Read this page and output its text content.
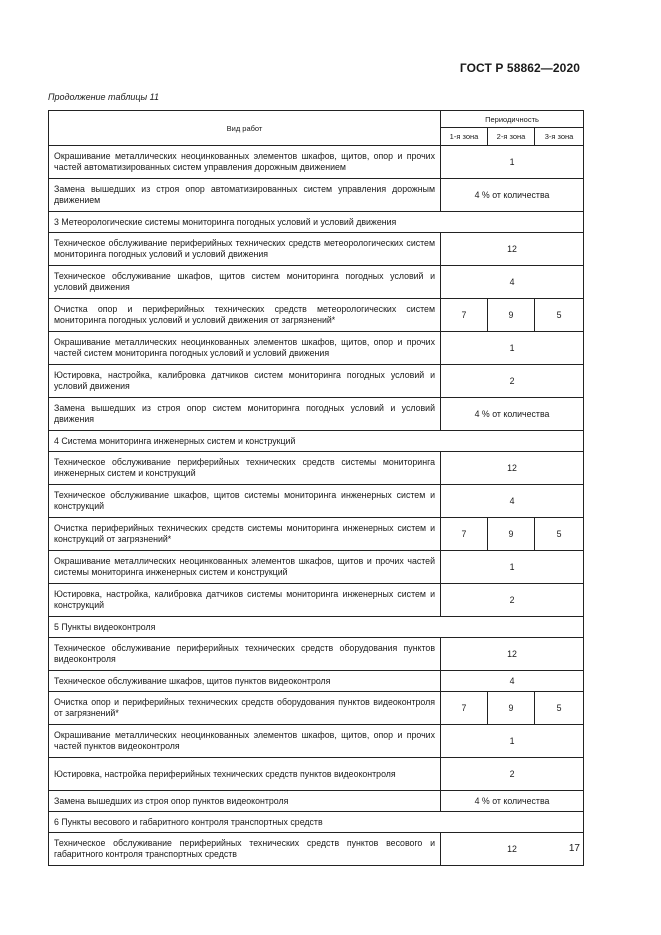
ГОСТ Р 58862—2020
Продолжение таблицы 11
Вид работ	Периодичность		
	1-я зона	2-я зона	3-я зона
Окрашивание металлических неоцинкованных элементов шкафов, щитов, опор и прочих частей автоматизированных систем управления дорожным движением	1		
Замена вышедших из строя опор автоматизированных систем управления дорожным движением	4 % от количества		
3 Метеорологические системы мониторинга погодных условий и условий движения			
Техническое обслуживание периферийных технических средств метеорологических систем мониторинга погодных условий и условий движения	12		
Техническое обслуживание шкафов, щитов систем мониторинга погодных условий и условий движения	4		
Очистка опор и периферийных технических средств метеорологических систем мониторинга погодных условий и условий движения от загрязнений*	7	9	5
Окрашивание металлических неоцинкованных элементов шкафов, щитов, опор и прочих частей систем мониторинга погодных условий и условий движения	1		
Юстировка, настройка, калибровка датчиков систем мониторинга погодных условий и условий движения	2		
Замена вышедших из строя опор систем мониторинга погодных условий и условий движения	4 % от количества		
4 Система мониторинга инженерных систем и конструкций			
Техническое обслуживание периферийных технических средств системы мониторинга инженерных систем и конструкций	12		
Техническое обслуживание шкафов, щитов системы мониторинга инженерных систем и конструкций	4		
Очистка периферийных технических средств системы мониторинга инженерных систем и конструкций от загрязнений*	7	9	5
Окрашивание металлических неоцинкованных элементов шкафов, щитов и прочих частей системы мониторинга инженерных систем и конструкций	1		
Юстировка, настройка, калибровка датчиков системы мониторинга инженерных систем и конструкций	2		
5 Пункты видеоконтроля			
Техническое обслуживание периферийных технических средств оборудования пунктов видеоконтроля	12		
Техническое обслуживание шкафов, щитов пунктов видеоконтроля	4		
Очистка опор и периферийных технических средств оборудования пунктов видеоконтроля от загрязнений*	7	9	5
Окрашивание металлических неоцинкованных элементов шкафов, щитов, опор и прочих частей пунктов видеоконтроля	1		
Юстировка, настройка периферийных технических средств пунктов видеоконтроля	2		
Замена вышедших из строя опор пунктов видеоконтроля	4 % от количества		
6 Пункты весового и габаритного контроля транспортных средств			
Техническое обслуживание периферийных технических средств пунктов весового и габаритного контроля транспортных средств	12			17
